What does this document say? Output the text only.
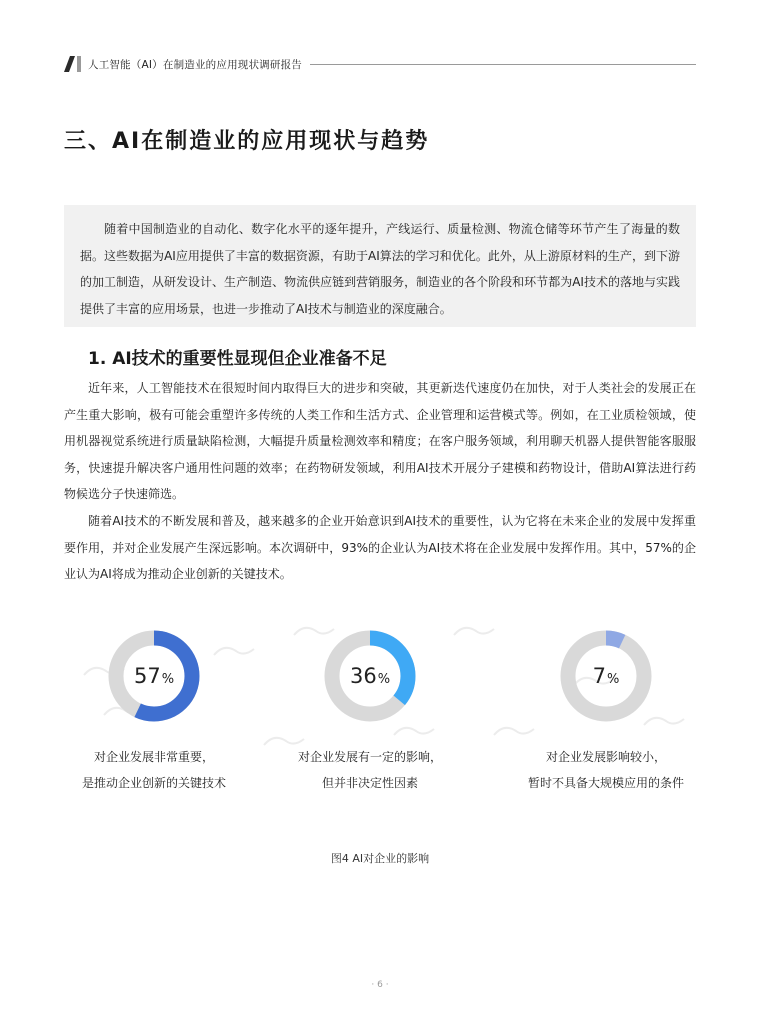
人工智能（AI）在制造业的应用现状调研报告
三、AI在制造业的应用现状与趋势

随着中国制造业的自动化、数字化水平的逐年提升，产线运行、质量检测、物流仓储等环节产生了海量的数据。这些数据为AI应用提供了丰富的数据资源，有助于AI算法的学习和优化。此外，从上游原材料的生产，到下游的加工制造，从研发设计、生产制造、物流供应链到营销服务，制造业的各个阶段和环节都为AI技术的落地与实践提供了丰富的应用场景，也进一步推动了AI技术与制造业的深度融合。

1. AI技术的重要性显现但企业准备不足

近年来，人工智能技术在很短时间内取得巨大的进步和突破，其更新迭代速度仍在加快，对于人类社会的发展正在产生重大影响，极有可能会重塑许多传统的人类工作和生活方式、企业管理和运营模式等。例如，在工业质检领域，使用机器视觉系统进行质量缺陷检测，大幅提升质量检测效率和精度；在客户服务领域，利用聊天机器人提供智能客服服务，快速提升解决客户通用性问题的效率；在药物研发领域，利用AI技术开展分子建模和药物设计，借助AI算法进行药物候选分子快速筛选。

随着AI技术的不断发展和普及，越来越多的企业开始意识到AI技术的重要性，认为它将在未来企业的发展中发挥重要作用，并对企业发展产生深远影响。本次调研中，93%的企业认为AI技术将在企业发展中发挥作用。其中，57%的企业认为AI将成为推动企业创新的关键技术。

57 %	36 %	7 %
对企业发展非常重要，
是推动企业创新的关键技术
对企业发展有一定的影响，
但并非决定性因素
对企业发展影响较小，
暂时不具备大规模应用的条件
图4 AI对企业的影响
· 6 ·
